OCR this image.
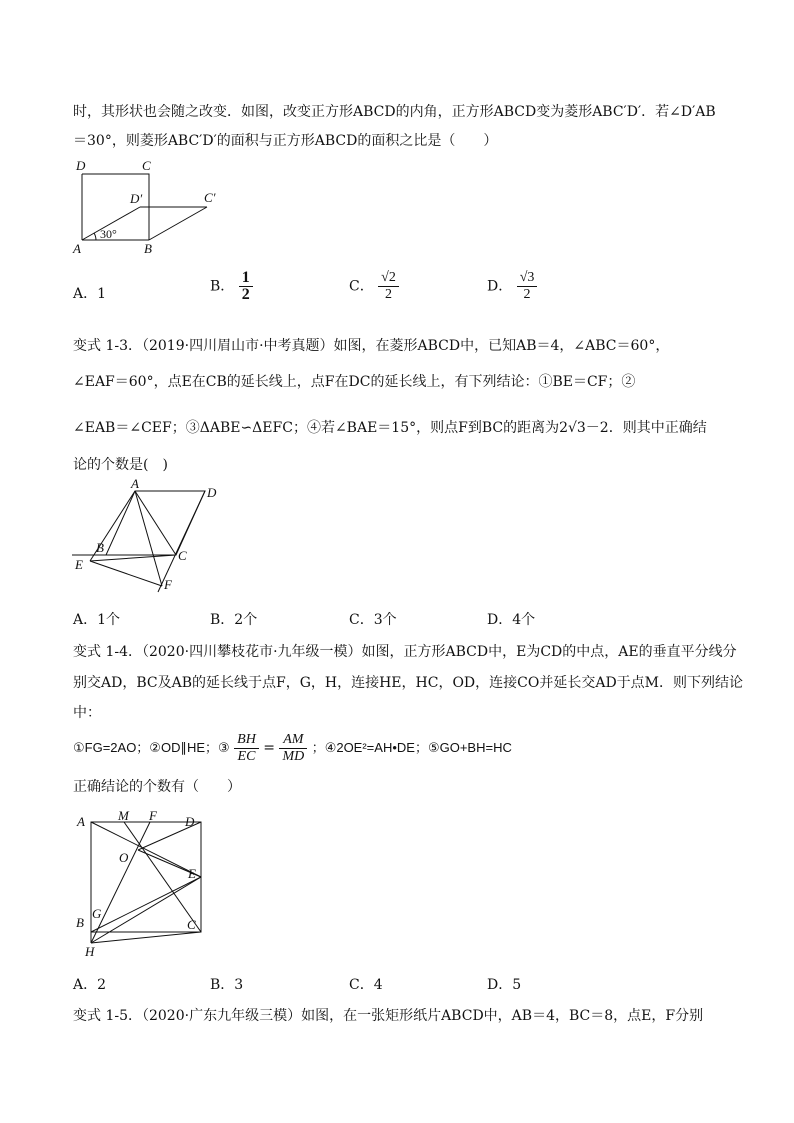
时，其形状也会随之改变．如图，改变正方形ABCD的内角，正方形ABCD变为菱形ABC′D′．若∠D′AB
＝30°，则菱形ABC′D′的面积与正方形ABCD的面积之比是（　　）
D	C
D′	C′
A	B
30°
A．1	B． $\frac{1}{2}$	C． $\frac{√2}{2}$	D． $\frac{√3}{2}$
变式 1-3．（2019·四川眉山市·中考真题）如图，在菱形ABCD中，已知AB＝4，∠ABC＝60°，
∠EAF＝60°，点E在CB的延长线上，点F在DC的延长线上，有下列结论：①BE＝CF；②
∠EAB＝∠CEF；③ΔABE∽ΔEFC；④若∠BAE＝15°，则点F到BC的距离为2√3－2．则其中正确结
论的个数是(　)
A
D
B
C
E
F
A．1个	B．2个	C．3个	D．4个
变式 1-4．（2020·四川攀枝花市·九年级一模）如图，正方形ABCD中，E为CD的中点，AE的垂直平分线分
别交AD，BC及AB的延长线于点F，G，H，连接HE，HC，OD，连接CO并延长交AD于点M．则下列结论
中：
①FG=2AO；②OD∥HE；③ $\frac{BH}{EC} = \frac{AM}{MD}$ ；④2OE²=AH•DE；⑤GO+BH=HC
正确结论的个数有（　　）
A	M F D
O
E
B
G
C
H
A．2	B．3	C．4	D．5
变式 1-5．（2020·广东九年级三模）如图，在一张矩形纸片ABCD中，AB＝4，BC＝8，点E，F分别
